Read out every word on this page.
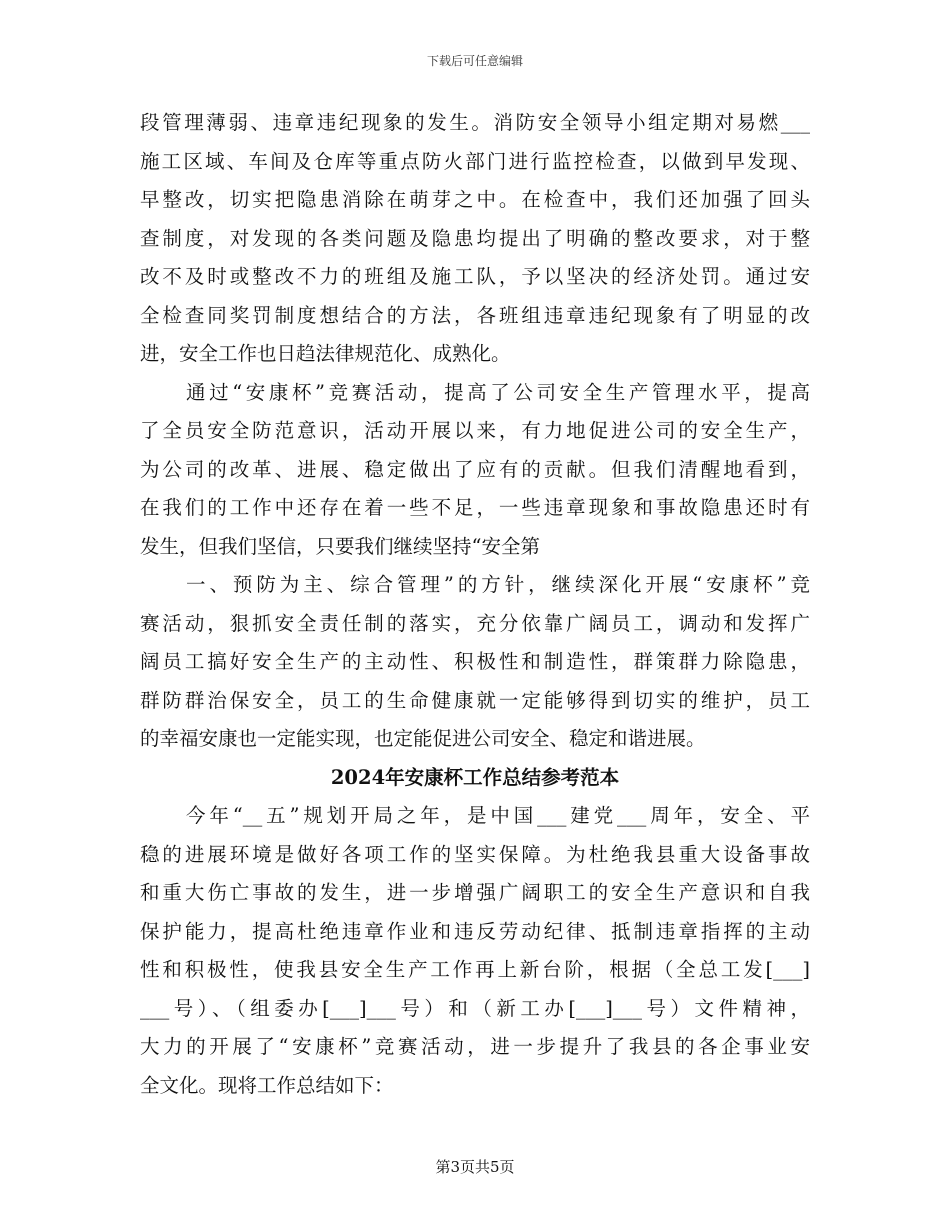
下载后可任意编辑
段管理薄弱、违章违纪现象的发生。消防安全领导小组定期对易燃___
施工区域、车间及仓库等重点防火部门进行监控检查，以做到早发现、
早整改，切实把隐患消除在萌芽之中。在检查中，我们还加强了回头
查制度，对发现的各类问题及隐患均提出了明确的整改要求，对于整
改不及时或整改不力的班组及施工队，予以坚决的经济处罚。通过安
全检查同奖罚制度想结合的方法，各班组违章违纪现象有了明显的改
进，安全工作也日趋法律规范化、成熟化。
通过“安康杯”竞赛活动，提高了公司安全生产管理水平，提高
了全员安全防范意识，活动开展以来，有力地促进公司的安全生产，
为公司的改革、进展、稳定做出了应有的贡献。但我们清醒地看到，
在我们的工作中还存在着一些不足，一些违章现象和事故隐患还时有
发生，但我们坚信，只要我们继续坚持“安全第
一、预防为主、综合管理”的方针，继续深化开展“安康杯”竞
赛活动，狠抓安全责任制的落实，充分依靠广阔员工，调动和发挥广
阔员工搞好安全生产的主动性、积极性和制造性，群策群力除隐患，
群防群治保安全，员工的生命健康就一定能够得到切实的维护，员工
的幸福安康也一定能实现，也定能促进公司安全、稳定和谐进展。
2024年安康杯工作总结参考范本
今年“__五”规划开局之年，是中国___建党___周年，安全、平
稳的进展环境是做好各项工作的坚实保障。为杜绝我县重大设备事故
和重大伤亡事故的发生，进一步增强广阔职工的安全生产意识和自我
保护能力，提高杜绝违章作业和违反劳动纪律、抵制违章指挥的主动
性和积极性，使我县安全生产工作再上新台阶，根据（全总工发[___]
___号）、（组委办[___]___号）和（新工办[___]___号）文件精神，
大力的开展了“安康杯”竞赛活动，进一步提升了我县的各企事业安
全文化。现将工作总结如下：
第3页共5页
